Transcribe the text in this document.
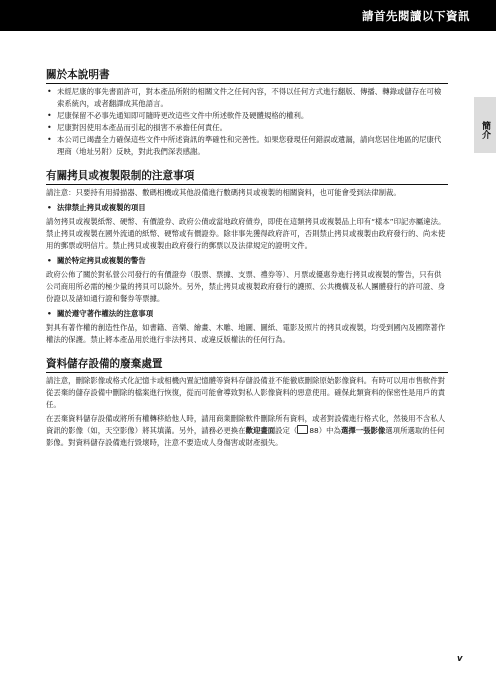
請首先閱讀以下資訊
簡介
關於本說明書
• 未經尼康的事先書面許可，對本產品所附的相關文件之任何內容，不得以任何方式進行翻版、傳播、轉錄或儲存在可檢索系統內，或者翻譯成其他語言。
• 尼康保留不必事先通知即可隨時更改這些文件中所述軟件及硬體規格的權利。
• 尼康對因使用本產品而引起的損害不承擔任何責任。
• 本公司已竭盡全力確保這些文件中所述資訊的準確性和完善性。如果您發現任何錯誤或遺漏，請向您居住地區的尼康代理商（地址另附）反映，對此我們深表感謝。
有關拷貝或複製限制的注意事項

請注意：只要持有用掃描器、數碼相機或其他設備進行數碼拷貝或複製的相關資料，也可能會受到法律制裁。

• 法律禁止拷貝或複製的項目

請勿拷貝或複製紙幣、硬幣、有價證券、政府公債或當地政府債券，即使在這類拷貝或複製品上印有“樣本”印記亦屬違法。禁止拷貝或複製在國外流通的紙幣、硬幣或有價證券。除非事先獲得政府許可，否則禁止拷貝或複製由政府發行的、尚未使用的郵票或明信片。禁止拷貝或複製由政府發行的郵票以及法律規定的證明文件。

• 關於特定拷貝或複製的警告

政府公佈了關於對私營公司發行的有價證券（股票、票據、支票、禮券等）、月票或優惠券進行拷貝或複製的警告，只有供公司商用所必需的極少量的拷貝可以除外。另外，禁止拷貝或複製政府發行的護照、公共機構及私人團體發行的許可證、身份證以及諸如通行證和餐券等票據。

• 關於遵守著作權法的注意事項

對具有著作權的創造性作品，如書籍、音樂、繪畫、木雕、地圖、圖紙、電影及照片的拷貝或複製，均受到國內及國際著作權法的保護。禁止將本產品用於進行非法拷貝、或違反版權法的任何行為。

資料儲存設備的廢棄處置

請注意，刪除影像或格式化記憶卡或相機內置記憶體等資料存儲設備並不能徹底刪除原始影像資料。有時可以用市售軟件對從丟棄的儲存設備中刪除的檔案進行恢復，從而可能會導致對私人影像資料的惡意使用。確保此類資料的保密性是用戶的責任。

在丟棄資料儲存設備或將所有權轉移給他人時，請用商業刪除軟件刪除所有資料，或者對設備進行格式化，然後用不含私人資訊的影像（如，天空影像）將其填滿。另外，請務必更換在歡迎畫面設定（ 88）中為選擇一張影像選項所選取的任何影像。對資料儲存設備進行毀壞時，注意不要造成人身傷害或財產損失。

v
